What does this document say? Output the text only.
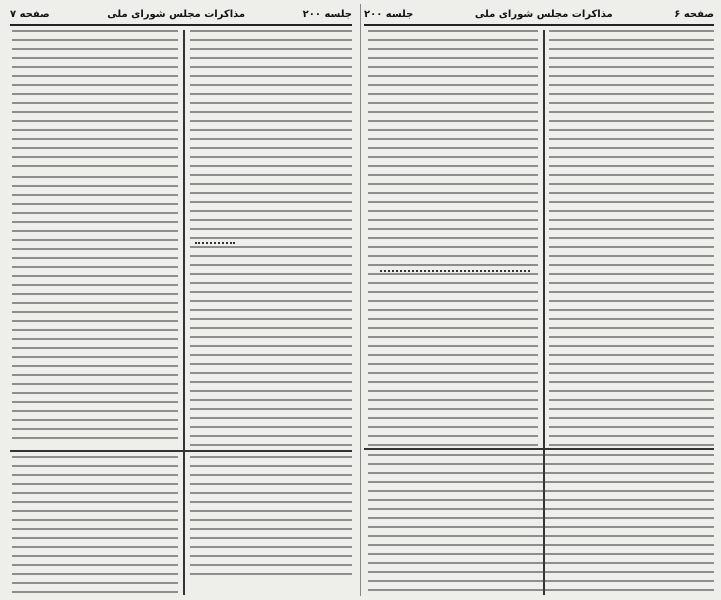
صفحه ۷	مذاکرات مجلس شورای ملی	جلسه ۲۰۰ جلسه ۲۰۰	مذاکرات مجلس شورای ملی	صفحه ۶
